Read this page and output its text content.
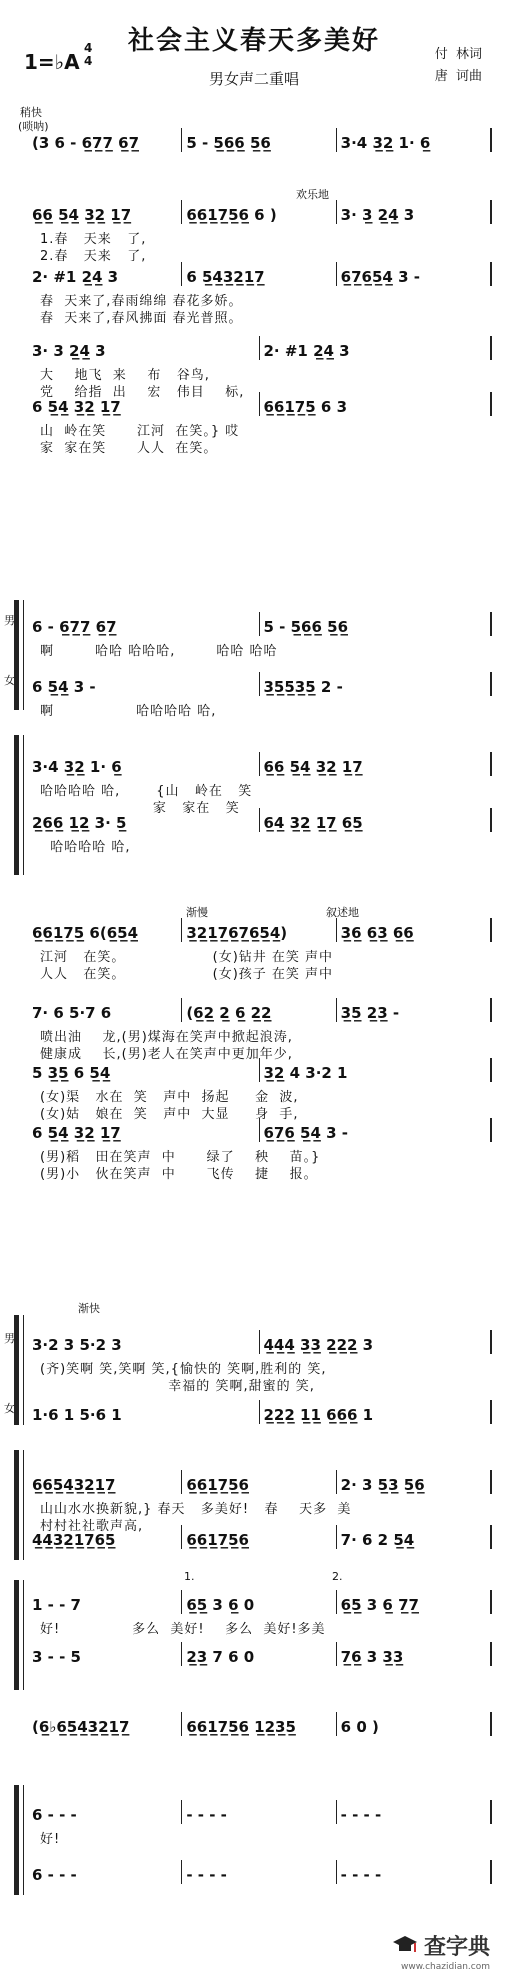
1=♭A
4
4
社会主义春天多美好
男女声二重唱
付  林词
唐  诃曲
稍快
(唢呐)
欢乐地
渐慢	叙述地
渐快
男
女
男
女
1.	2.
(3 6 - 6̲7̲7̲ 6̲7̲	5 - 5̲6̲6̲ 5̲6̲	3·4 3̲2̲ 1· 6̲
6̲6̲ 5̲4̲ 3̲2̲ 1̲7̲	6̲6̲1̲7̲5̲6̲ 6 )	3· 3̲ 2̲4̲ 3
1.春   天来   了,
2.春   天来   了,
2· #1 2̲4̲ 3	6 5̲4̲3̲2̲1̲7̲	6̲7̲6̲5̲4̲ 3 -
春  天来了,春雨绵绵 春花多娇。
春  天来了,春风拂面 春光普照。
3· 3 2̲4̲ 3	2· #1 2̲4̲ 3
大    地飞  来    布   谷鸟,
党    给指  出    宏   伟目    标,
6 5̲4̲ 3̲2̲ 1̲7̲	6̲6̲1̲7̲5̲ 6 3
山  岭在笑      江河  在笑。} 哎
家  家在笑      人人  在笑。
6 - 6̲7̲7̲ 6̲7̲	5 - 5̲6̲6̲ 5̲6̲
啊        哈哈 哈哈哈,        哈哈 哈哈
6 5̲4̲ 3 -	3̲5̲5̲3̲5̲ 2 -
啊                哈哈哈哈 哈,
3·4 3̲2̲ 1· 6̲	6̲6̲ 5̲4̲ 3̲2̲ 1̲7̲
哈哈哈哈 哈,       {山   岭在   笑
家   家在   笑
2̲6̲6̲ 1̲2̲ 3· 5̲	6̲4̲ 3̲2̲ 1̲7̲ 6̲5̲
哈哈哈哈 哈,
6̲6̲1̲7̲5̲ 6(6̲5̲4̲	3̲2̲1̲7̲6̲7̲6̲5̲4̲)	3̲6̲ 6̲3̲ 6̲6̲
江河   在笑。                 (女)钻井 在笑 声中
人人   在笑。                 (女)孩子 在笑 声中
7· 6 5·7 6	(6̲2̲ 2̲ 6̲ 2̲2̲	3̲5̲ 2̲3̲ -
喷出油    龙,(男)煤海在笑声中掀起浪涛,
健康成    长,(男)老人在笑声中更加年少,
5 3̲5̲ 6 5̲4̲	3̲2̲ 4 3·2 1
(女)渠   水在  笑   声中  扬起     金  波,
(女)姑   娘在  笑   声中  大显     身  手,
6 5̲4̲ 3̲2̲ 1̲7̲	6̲7̲6̲ 5̲4̲ 3 -
(男)稻   田在笑声  中      绿了    秧    苗。}
(男)小   伙在笑声  中      飞传    捷    报。
3·2 3 5·2 3	4̲4̲4̲ 3̲3̲ 2̲2̲2̲ 3
(齐)笑啊 笑,笑啊 笑,{愉快的 笑啊,胜利的 笑,
幸福的 笑啊,甜蜜的 笑,
1·6 1 5·6 1	2̲2̲2̲ 1̲1̲ 6̲6̲6̲ 1
6̲6̲5̲4̲3̲2̲1̲7̲	6̲6̲1̲7̲5̲6̲	2· 3 5̲3̲ 5̲6̲
山山水水换新貌,} 春天   多美好!   春    天多  美
村村社社歌声高,
4̲4̲3̲2̲1̲7̲6̲5̲	6̲6̲1̲7̲5̲6̲	7· 6 2 5̲4̲
1 - - 7	6̲5̲ 3 6̲ 0	6̲5̲ 3 6̲ 7̲7̲
好!              多么  美好!    多么  美好!多美
3 - - 5	2̲3̲ 7 6 0	7̲6̲ 3 3̲3̲
(6̲♭6̲5̲4̲3̲2̲1̲7̲	6̲6̲1̲7̲5̲6̲ 1̲2̲3̲5̲	6 0 )
6 - - -	- - - -	- - - -
好!
6 - - -	- - - -	- - - -
查字典
www.chazidian.com
